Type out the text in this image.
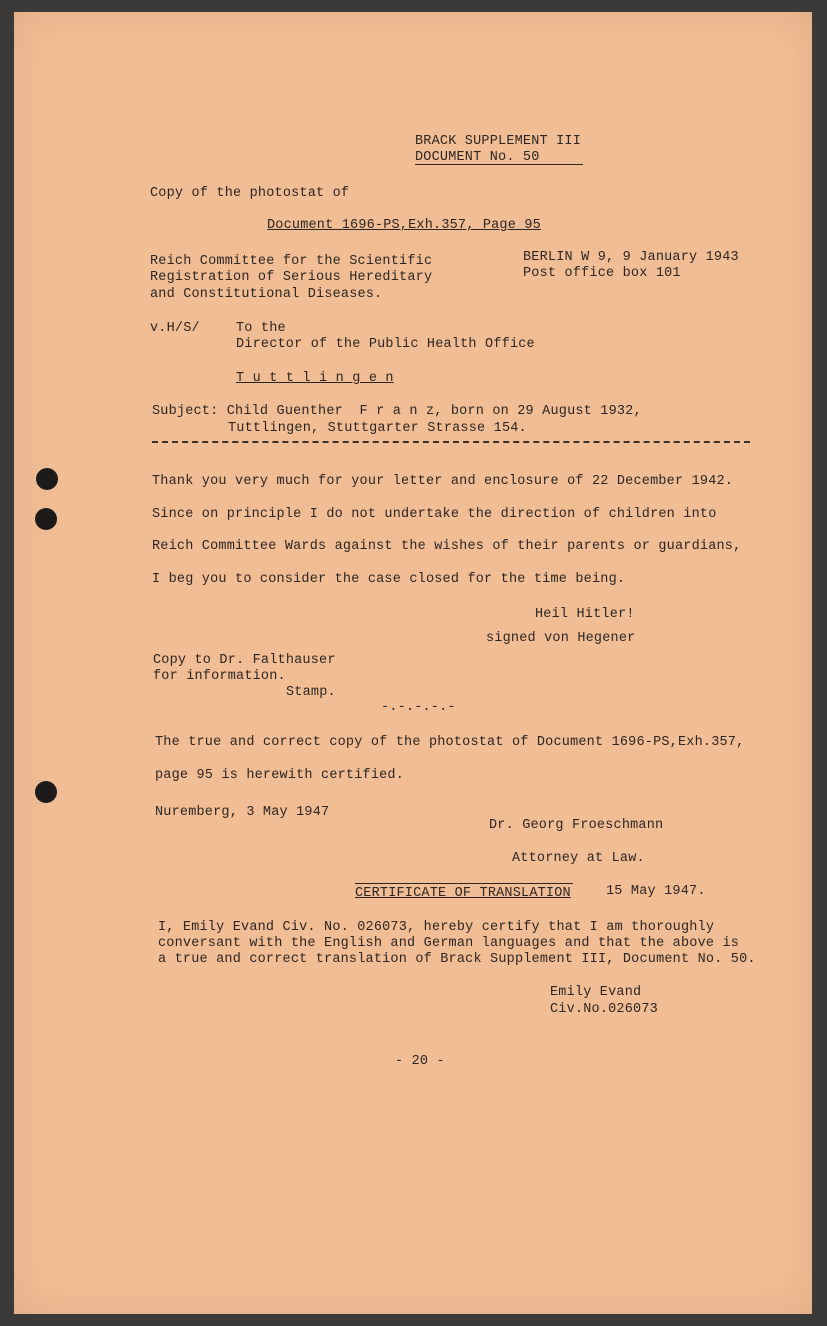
BRACK SUPPLEMENT III
DOCUMENT No. 50
Copy of the photostat of
Document 1696-PS,Exh.357, Page 95
Reich Committee for the Scientific
Registration of Serious Hereditary
and Constitutional Diseases.
BERLIN W 9, 9 January 1943
Post office box 101
v.H/S/	To the
Director of the Public Health Office
T u t t l i n g e n
Subject: Child Guenther  F r a n z, born on 29 August 1932,
Tuttlingen, Stuttgarter Strasse 154.
Thank you very much for your letter and enclosure of 22 December 1942.
Since on principle I do not undertake the direction of children into
Reich Committee Wards against the wishes of their parents or guardians,
I beg you to consider the case closed for the time being.
Heil Hitler!
signed von Hegener
Copy to Dr. Falthauser
for information.
Stamp.
-.-.-.-.-
The true and correct copy of the photostat of Document 1696-PS,Exh.357,
page 95 is herewith certified.
Nuremberg, 3 May 1947
Dr. Georg Froeschmann
Attorney at Law.
CERTIFICATE OF TRANSLATION	15 May 1947.
I, Emily Evand Civ. No. 026073, hereby certify that I am thoroughly
conversant with the English and German languages and that the above is
a true and correct translation of Brack Supplement III, Document No. 50.
Emily Evand
Civ.No.026073
- 20 -
